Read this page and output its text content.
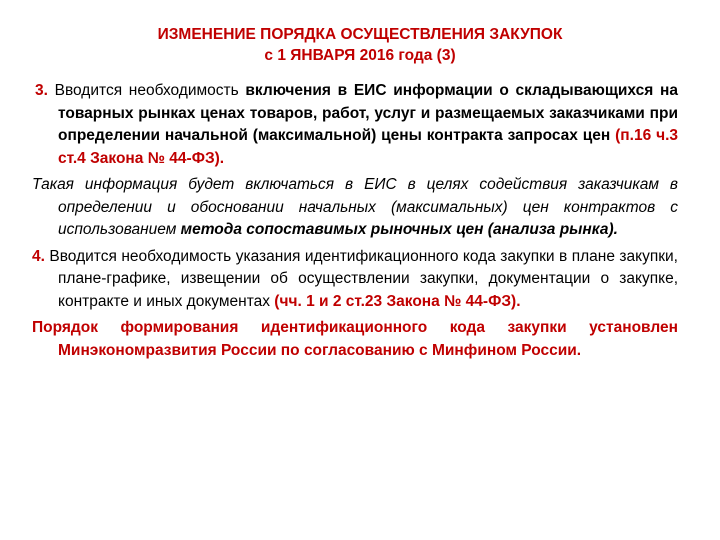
ИЗМЕНЕНИЕ ПОРЯДКА ОСУЩЕСТВЛЕНИЯ ЗАКУПОК
с 1 ЯНВАРЯ 2016 года (3)

3. Вводится необходимость включения в ЕИС информации о складывающихся на товарных рынках ценах товаров, работ, услуг и размещаемых заказчиками при определении начальной (максимальной) цены контракта запросах цен (п.16 ч.3 ст.4 Закона № 44-ФЗ).

Такая информация будет включаться в ЕИС в целях содействия заказчикам в определении и обосновании начальных (максимальных) цен контрактов с использованием метода сопоставимых рыночных цен (анализа рынка).

4. Вводится необходимость указания идентификационного кода закупки в плане закупки, плане-графике, извещении об осуществлении закупки, документации о закупке, контракте и иных документах (чч. 1 и 2 ст.23 Закона № 44-ФЗ).

Порядок формирования идентификационного кода закупки установлен Минэкономразвития России по согласованию с Минфином России.
